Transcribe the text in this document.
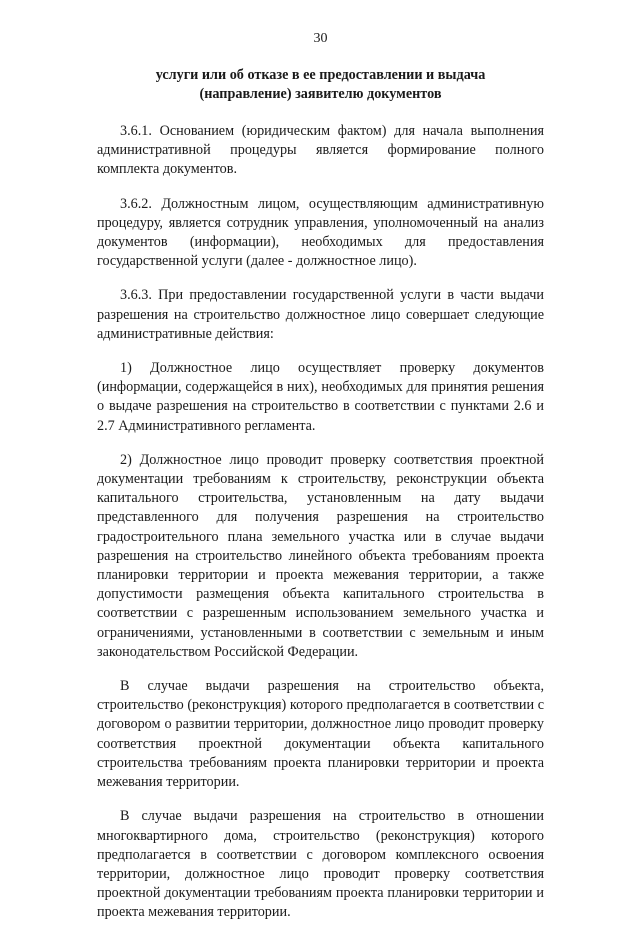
30
услуги или об отказе в ее предоставлении и выдача
(направление) заявителю документов

3.6.1. Основанием (юридическим фактом) для начала выполнения административной процедуры является формирование полного комплекта документов.

3.6.2. Должностным лицом, осуществляющим административную процедуру, является сотрудник управления, уполномоченный на анализ документов (информации), необходимых для предоставления государственной услуги (далее - должностное лицо).

3.6.3. При предоставлении государственной услуги в части выдачи разрешения на строительство должностное лицо совершает следующие административные действия:

1) Должностное лицо осуществляет проверку документов (информации, содержащейся в них), необходимых для принятия решения о выдаче разрешения на строительство в соответствии с пунктами 2.6 и 2.7 Административного регламента.

2) Должностное лицо проводит проверку соответствия проектной документации требованиям к строительству, реконструкции объекта капитального строительства, установленным на дату выдачи представленного для получения разрешения на строительство градостроительного плана земельного участка или в случае выдачи разрешения на строительство линейного объекта требованиям проекта планировки территории и проекта межевания территории, а также допустимости размещения объекта капитального строительства в соответствии с разрешенным использованием земельного участка и ограничениями, установленными в соответствии с земельным и иным законодательством Российской Федерации.

В случае выдачи разрешения на строительство объекта, строительство (реконструкция) которого предполагается в соответствии с договором о развитии территории, должностное лицо проводит проверку соответствия проектной документации объекта капитального строительства требованиям проекта планировки территории и проекта межевания территории.

В случае выдачи разрешения на строительство в отношении многоквартирного дома, строительство (реконструкция) которого предполагается в соответствии с договором комплексного освоения территории, должностное лицо проводит проверку соответствия проектной документации требованиям проекта планировки территории и проекта межевания территории.
